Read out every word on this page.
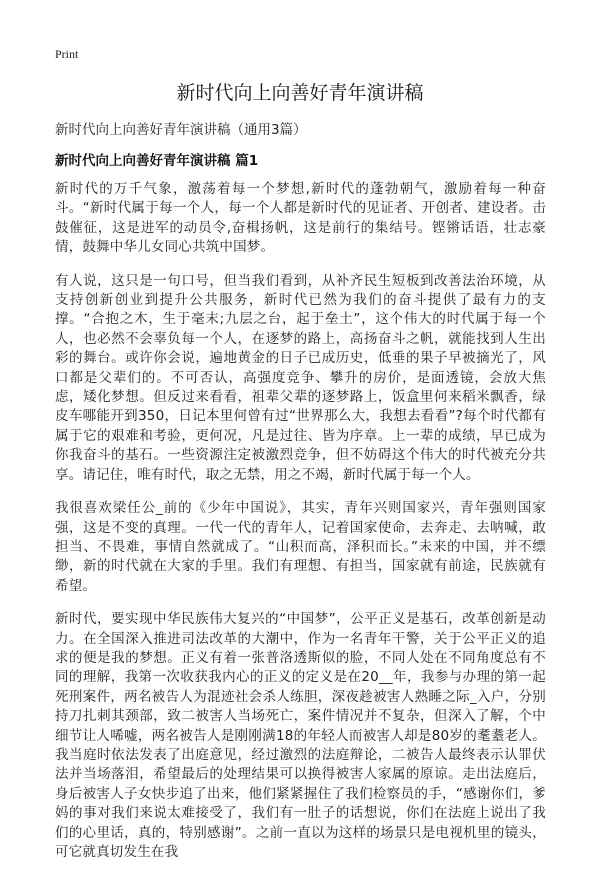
Print
新时代向上向善好青年演讲稿

新时代向上向善好青年演讲稿（通用3篇）

新时代向上向善好青年演讲稿 篇1

新时代的万千气象，激荡着每一个梦想,新时代的蓬勃朝气，激励着每一种奋斗。“新时代属于每一个人，每一个人都是新时代的见证者、开创者、建设者。击鼓催征，这是进军的动员令,奋楫扬帆，这是前行的集结号。铿锵话语，壮志豪情，鼓舞中华儿女同心共筑中国梦。

有人说，这只是一句口号，但当我们看到，从补齐民生短板到改善法治环境，从支持创新创业到提升公共服务，新时代已然为我们的奋斗提供了最有力的支撑。“合抱之木，生于毫末;九层之台，起于垒土”，这个伟大的时代属于每一个人，也必然不会辜负每一个人，在逐梦的路上，高扬奋斗之帆，就能找到人生出彩的舞台。或许你会说，遍地黄金的日子已成历史，低垂的果子早被摘光了，风口都是父辈们的。不可否认，高强度竞争、攀升的房价，是面透镜，会放大焦虑，矮化梦想。但反过来看看，祖辈父辈的逐梦路上，饭盒里何来稻米飘香，绿皮车哪能开到350，日记本里何曾有过“世界那么大，我想去看看”?每个时代都有属于它的艰难和考验，更何况，凡是过往、皆为序章。上一辈的成绩，早已成为你我奋斗的基石。一些资源注定被激烈竞争，但不妨碍这个伟大的时代被充分共享。请记住，唯有时代，取之无禁，用之不竭，新时代属于每一个人。

我很喜欢梁任公_前的《少年中国说》，其实，青年兴则国家兴，青年强则国家强，这是不变的真理。一代一代的青年人，记着国家使命，去奔走、去呐喊，敢担当、不畏难，事情自然就成了。“山积而高，泽积而长。”未来的中国，并不缥缈，新的时代就在大家的手里。我们有理想、有担当，国家就有前途，民族就有希望。

新时代，要实现中华民族伟大复兴的“中国梦”，公平正义是基石，改革创新是动力。在全国深入推进司法改革的大潮中，作为一名青年干警，关于公平正义的追求的便是我的梦想。正义有着一张普洛透斯似的脸，不同人处在不同角度总有不同的理解，我第一次收获我内心的正义的定义是在20__年，我参与办理的第一起死刑案件，两名被告人为混迹社会杀人练胆，深夜趁被害人熟睡之际_入户，分别持刀扎刺其颈部，致二被害人当场死亡，案件情况并不复杂，但深入了解，个中细节让人唏嘘，两名被告人是刚刚满18的年轻人而被害人却是80岁的耄耋老人。我当庭时依法发表了出庭意见，经过激烈的法庭辩论，二被告人最终表示认罪伏法并当场落泪，希望最后的处理结果可以换得被害人家属的原谅。走出法庭后，身后被害人子女快步追了出来，他们紧紧握住了我们检察员的手，“感谢你们，爹妈的事对我们来说太难接受了，我们有一肚子的话想说，你们在法庭上说出了我们的心里话，真的，特别感谢”。之前一直以为这样的场景只是电视机里的镜头，可它就真切发生在我
